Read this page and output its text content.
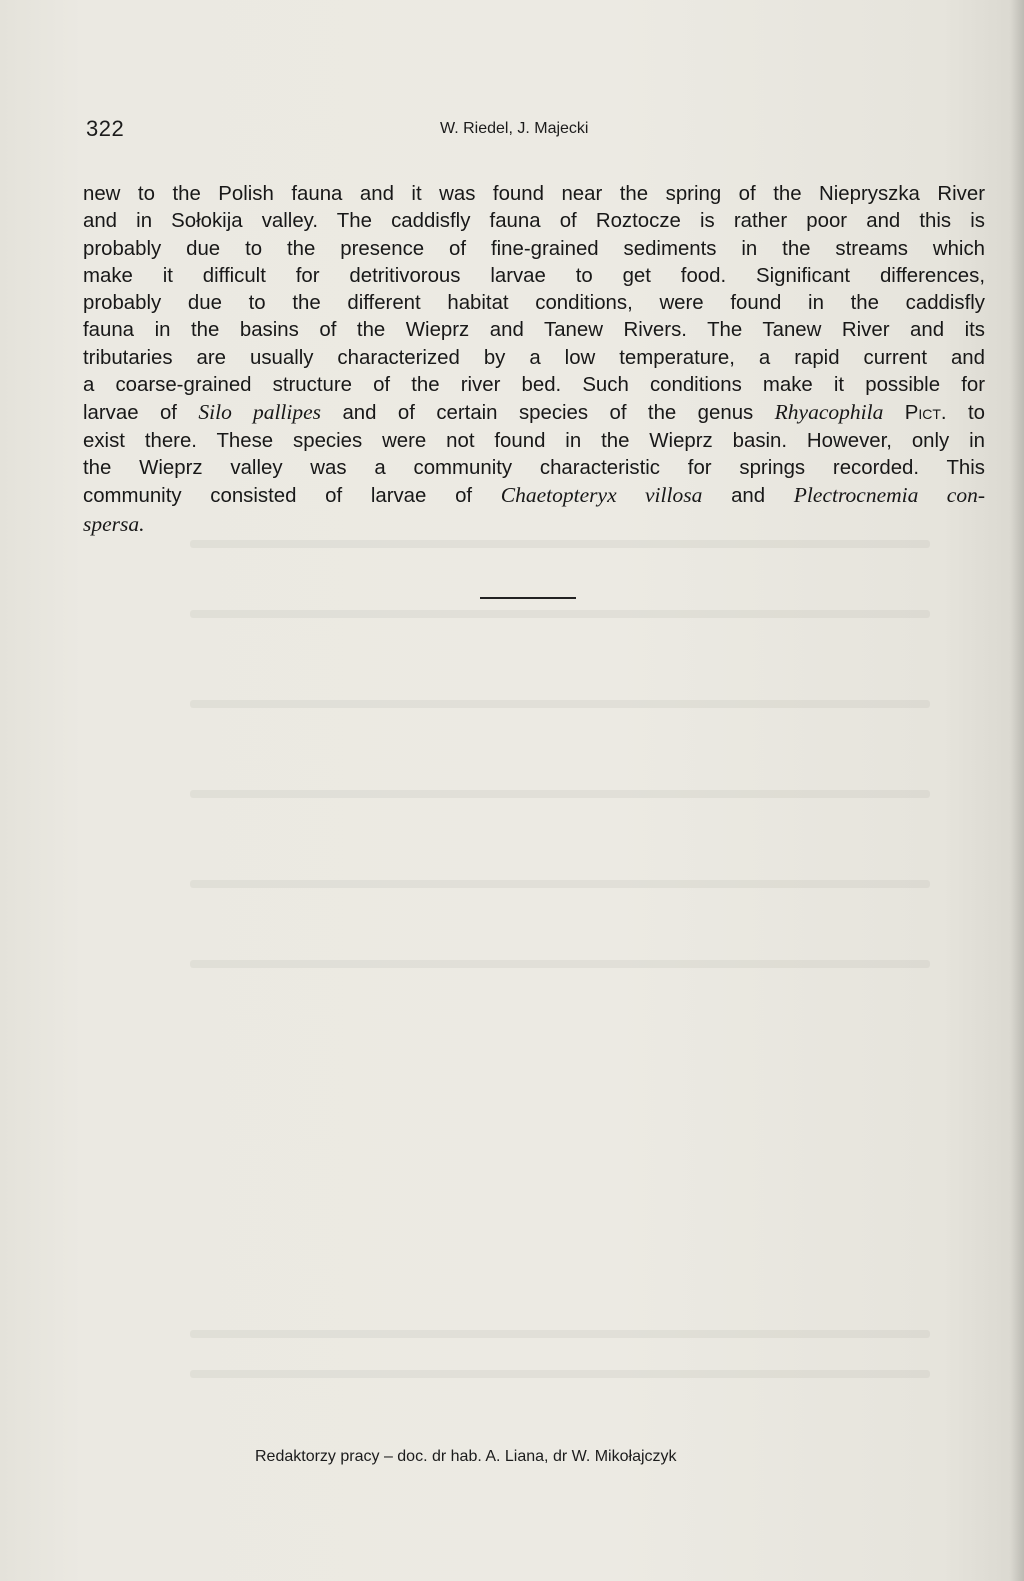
322	W. Riedel, J. Majecki
new to the Polish fauna and it was found near the spring of the Niepryszka River
and in Sołokija valley. The caddisfly fauna of Roztocze is rather poor and this is
probably due to the presence of fine-grained sediments in the streams which
make it difficult for detritivorous larvae to get food. Significant differences,
probably due to the different habitat conditions, were found in the caddisfly
fauna in the basins of the Wieprz and Tanew Rivers. The Tanew River and its
tributaries are usually characterized by a low temperature, a rapid current and
a coarse-grained structure of the river bed. Such conditions make it possible for
larvae of Silo pallipes and of certain species of the genus Rhyacophila Pict. to
exist there. These species were not found in the Wieprz basin. However, only in
the Wieprz valley was a community characteristic for springs recorded. This
community consisted of larvae of Chaetopteryx villosa and Plectrocnemia con-
spersa.
Redaktorzy pracy – doc. dr hab. A. Liana, dr W. Mikołajczyk
